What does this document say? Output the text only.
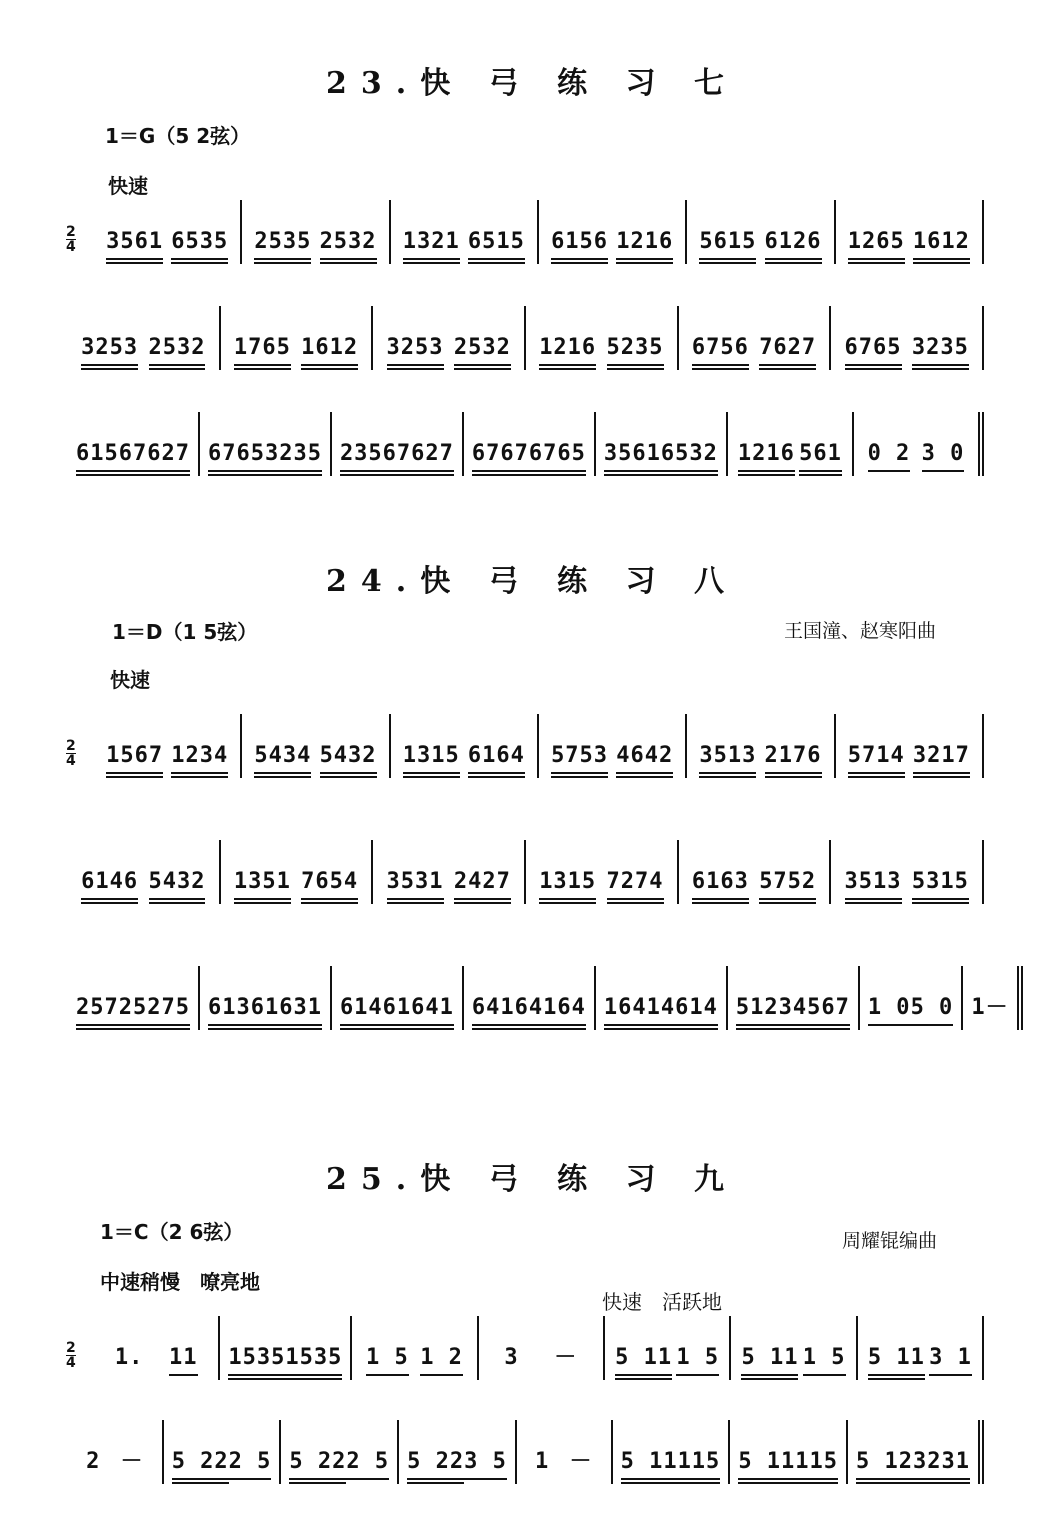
23.快 弓 练 习 七
1＝G（5 2弦）
快速
2
4 3561 6535 2535 2532 1321 6515 6156 1216 5615 6126 1265 1612
3253 2532 1765 1612 3253 2532 1216 5235 6756 7627 6765 3235
6156 7627 6765 3235 2356 7627 6767 6765 3561 6532 1216 561 0 2 3 0
24.快 弓 练 习 八
1＝D（1 5弦）	王国潼、赵寒阳曲
快速
2
4 1567 1234 5434 5432 1315 6164 5753 4642 3513 2176 5714 3217
6146 5432 1351 7654 3531 2427 1315 7274 6163 5752 3513 5315
2572 5275 6136 1631 6146 1641 6416 4164 1641 4614 5123 4567 1 0 5 0 1 －
25.快 弓 练 习 九
1＝C（2 6弦）	周耀锟编曲
中速稍慢　嘹亮地
快速　活跃地
2
4 1. 11 1535 1535 1 5 1 2 3 － 5 11 1 5 5 11 1 5 5 11 3 1
2 － 5 22 2 5 5 22 2 5 5 22 3 5 1 － 5 11 115 5 11 115 5 12 3231
